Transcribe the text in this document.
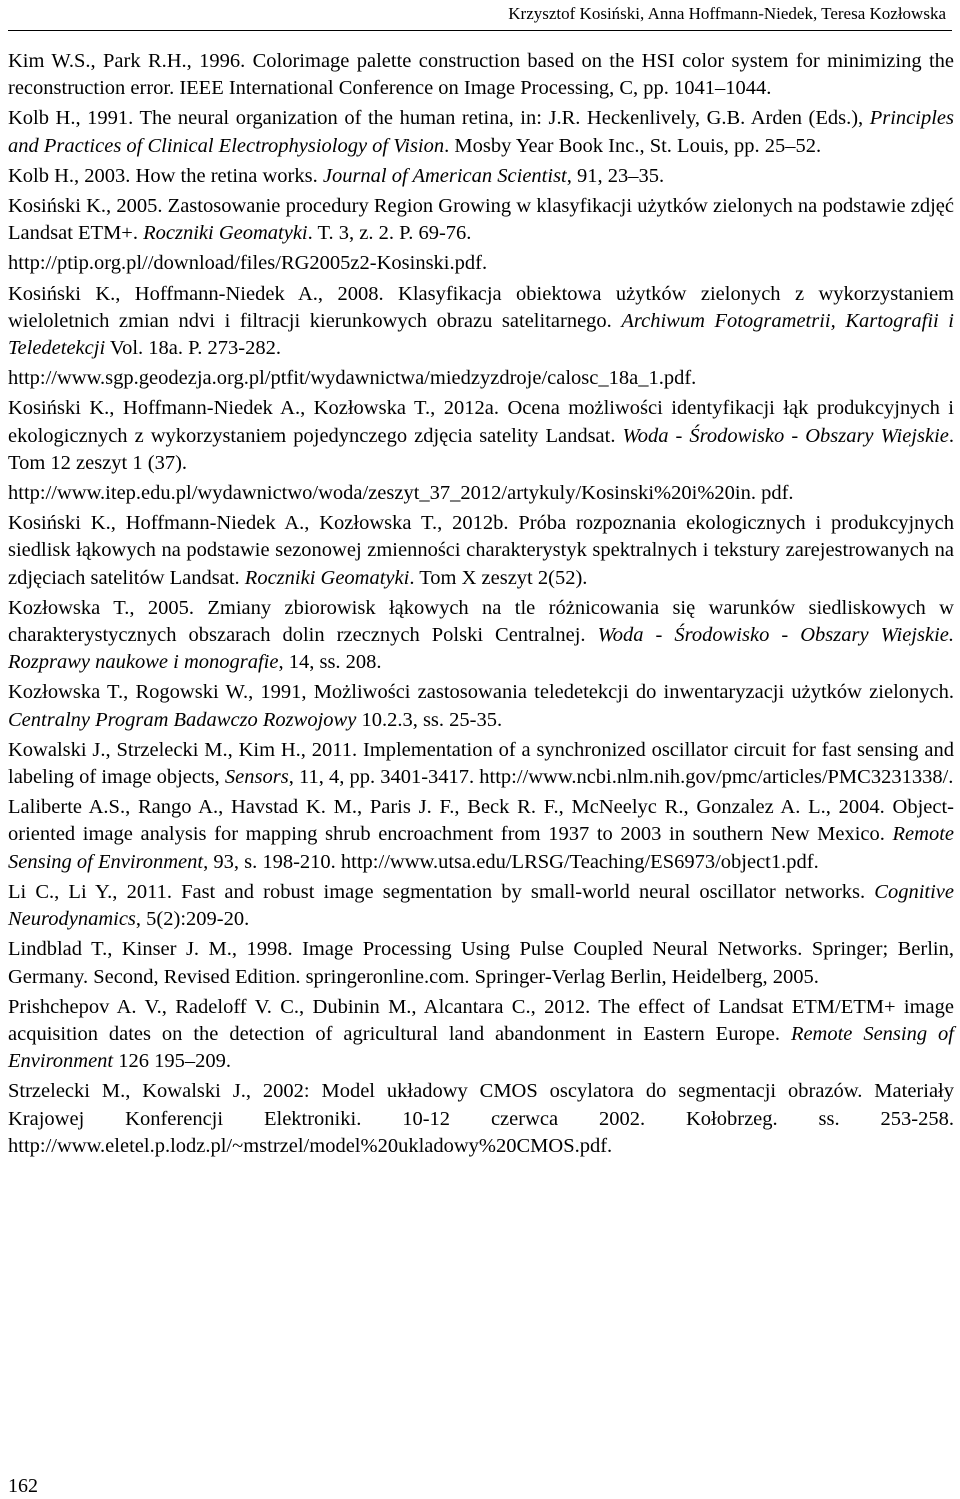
Krzysztof Kosiński, Anna Hoffmann-Niedek, Teresa Kozłowska

Kim W.S., Park R.H., 1996. Colorimage palette construction based on the HSI color system for minimizing the reconstruction error. IEEE International Conference on Image Processing, C, pp. 1041–1044.

Kolb H., 1991. The neural organization of the human retina, in: J.R. Heckenlively, G.B. Arden (Eds.), Principles and Practices of Clinical Electrophysiology of Vision. Mosby Year Book Inc., St. Louis, pp. 25–52.

Kolb H., 2003. How the retina works. Journal of American Scientist, 91, 23–35.

Kosiński K., 2005. Zastosowanie procedury Region Growing w klasyfikacji użytków zielonych na podstawie zdjęć Landsat ETM+. Roczniki Geomatyki. T. 3, z. 2. P. 69-76.

http://ptip.org.pl//download/files/RG2005z2-Kosinski.pdf.

Kosiński K., Hoffmann-Niedek A., 2008. Klasyfikacja obiektowa użytków zielonych z wykorzystaniem wieloletnich zmian ndvi i filtracji kierunkowych obrazu satelitarnego. Archiwum Fotogrametrii, Kartografii i Teledetekcji Vol. 18a. P. 273-282.

http://www.sgp.geodezja.org.pl/ptfit/wydawnictwa/miedzyzdroje/calosc_18a_1.pdf.

Kosiński K., Hoffmann-Niedek A., Kozłowska T., 2012a. Ocena możliwości identyfikacji łąk produkcyjnych i ekologicznych z wykorzystaniem pojedynczego zdjęcia satelity Landsat. Woda - Środowisko - Obszary Wiejskie. Tom 12 zeszyt 1 (37).

http://www.itep.edu.pl/wydawnictwo/woda/zeszyt_37_2012/artykuly/Kosinski%20i%20in. pdf.

Kosiński K., Hoffmann-Niedek A., Kozłowska T., 2012b. Próba rozpoznania ekologicznych i produkcyjnych siedlisk łąkowych na podstawie sezonowej zmienności charakterystyk spektralnych i tekstury zarejestrowanych na zdjęciach satelitów Landsat. Roczniki Geomatyki. Tom X zeszyt 2(52).

Kozłowska T., 2005. Zmiany zbiorowisk łąkowych na tle różnicowania się warunków siedliskowych w charakterystycznych obszarach dolin rzecznych Polski Centralnej. Woda - Środowisko - Obszary Wiejskie. Rozprawy naukowe i monografie, 14, ss. 208.

Kozłowska T., Rogowski W., 1991, Możliwości zastosowania teledetekcji do inwentaryzacji użytków zielonych. Centralny Program Badawczo Rozwojowy 10.2.3, ss. 25-35.

Kowalski J., Strzelecki M., Kim H., 2011. Implementation of a synchronized oscillator circuit for fast sensing and labeling of image objects, Sensors, 11, 4, pp. 3401-3417. http://www.ncbi.nlm.nih.gov/pmc/articles/PMC3231338/.

Laliberte A.S., Rango A., Havstad K. M., Paris J. F., Beck R. F., McNeelyc R., Gonzalez A. L., 2004. Object-oriented image analysis for mapping shrub encroachment from 1937 to 2003 in southern New Mexico. Remote Sensing of Environment, 93, s. 198-210. http://www.utsa.edu/LRSG/Teaching/ES6973/object1.pdf.

Li C., Li Y., 2011. Fast and robust image segmentation by small-world neural oscillator networks. Cognitive Neurodynamics, 5(2):209-20.

Lindblad T., Kinser J. M., 1998. Image Processing Using Pulse Coupled Neural Networks. Springer; Berlin, Germany. Second, Revised Edition. springeronline.com. Springer-Verlag Berlin, Heidelberg, 2005.

Prishchepov A. V., Radeloff V. C., Dubinin M., Alcantara C., 2012. The effect of Landsat ETM/ETM+ image acquisition dates on the detection of agricultural land abandonment in Eastern Europe. Remote Sensing of Environment 126 195–209.

Strzelecki M., Kowalski J., 2002: Model układowy CMOS oscylatora do segmentacji obrazów. Materiały Krajowej Konferencji Elektroniki. 10-12 czerwca 2002. Kołobrzeg. ss. 253-258. http://www.eletel.p.lodz.pl/~mstrzel/model%20ukladowy%20CMOS.pdf.

162
